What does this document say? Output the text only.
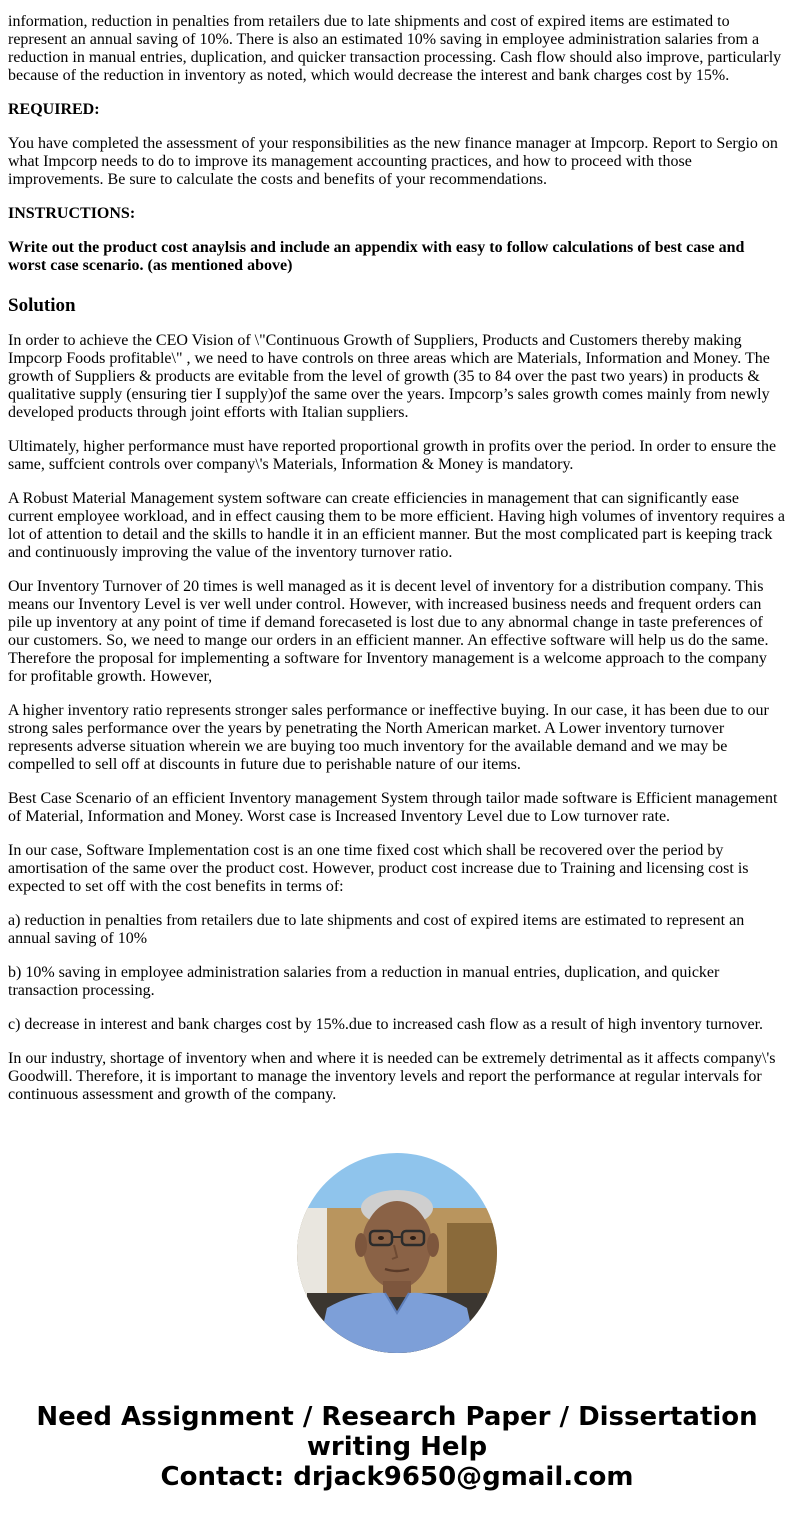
information, reduction in penalties from retailers due to late shipments and cost of expired items are estimated to represent an annual saving of 10%. There is also an estimated 10% saving in employee administration salaries from a reduction in manual entries, duplication, and quicker transaction processing. Cash flow should also improve, particularly because of the reduction in inventory as noted, which would decrease the interest and bank charges cost by 15%.

REQUIRED:

You have completed the assessment of your responsibilities as the new finance manager at Impcorp. Report to Sergio on what Impcorp needs to do to improve its management accounting practices, and how to proceed with those improvements. Be sure to calculate the costs and benefits of your recommendations.

INSTRUCTIONS:

Write out the product cost anaylsis and include an appendix with easy to follow calculations of best case and worst case scenario. (as mentioned above)

Solution

In order to achieve the CEO Vision of \"Continuous Growth of Suppliers, Products and Customers thereby making Impcorp Foods profitable\" , we need to have controls on three areas which are Materials, Information and Money. The growth of Suppliers & products are evitable from the level of growth (35 to 84 over the past two years) in products & qualitative supply (ensuring tier I supply)of the same over the years. Impcorp’s sales growth comes mainly from newly developed products through joint efforts with Italian suppliers.

Ultimately, higher performance must have reported proportional growth in profits over the period. In order to ensure the same, suffcient controls over company\'s Materials, Information & Money is mandatory.

A Robust Material Management system software can create efficiencies in management that can significantly ease current employee workload, and in effect causing them to be more efficient. Having high volumes of inventory requires a lot of attention to detail and the skills to handle it in an efficient manner. But the most complicated part is keeping track and continuously improving the value of the inventory turnover ratio.

Our Inventory Turnover of 20 times is well managed as it is decent level of inventory for a distribution company. This means our Inventory Level is ver well under control. However, with increased business needs and frequent orders can pile up inventory at any point of time if demand forecaseted is lost due to any abnormal change in taste preferences of our customers. So, we need to mange our orders in an efficient manner. An effective software will help us do the same. Therefore the proposal for implementing a software for Inventory management is a welcome approach to the company for profitable growth. However,

A higher inventory ratio represents stronger sales performance or ineffective buying. In our case, it has been due to our strong sales performance over the years by penetrating the North American market. A Lower inventory turnover represents adverse situation wherein we are buying too much inventory for the available demand and we may be compelled to sell off at discounts in future due to perishable nature of our items.

Best Case Scenario of an efficient Inventory management System through tailor made software is Efficient management of Material, Information and Money. Worst case is Increased Inventory Level due to Low turnover rate.

In our case, Software Implementation cost is an one time fixed cost which shall be recovered over the period by amortisation of the same over the product cost. However, product cost increase due to Training and licensing cost is expected to set off with the cost benefits in terms of:

a) reduction in penalties from retailers due to late shipments and cost of expired items are estimated to represent an annual saving of 10%

b) 10% saving in employee administration salaries from a reduction in manual entries, duplication, and quicker transaction processing.

c) decrease in interest and bank charges cost by 15%.due to increased cash flow as a result of high inventory turnover.

In our industry, shortage of inventory when and where it is needed can be extremely detrimental as it affects company\'s Goodwill. Therefore, it is important to manage the inventory levels and report the performance at regular intervals for continuous assessment and growth of the company.

Need Assignment / Research Paper / Dissertation
writing Help
Contact: drjack9650@gmail.com
